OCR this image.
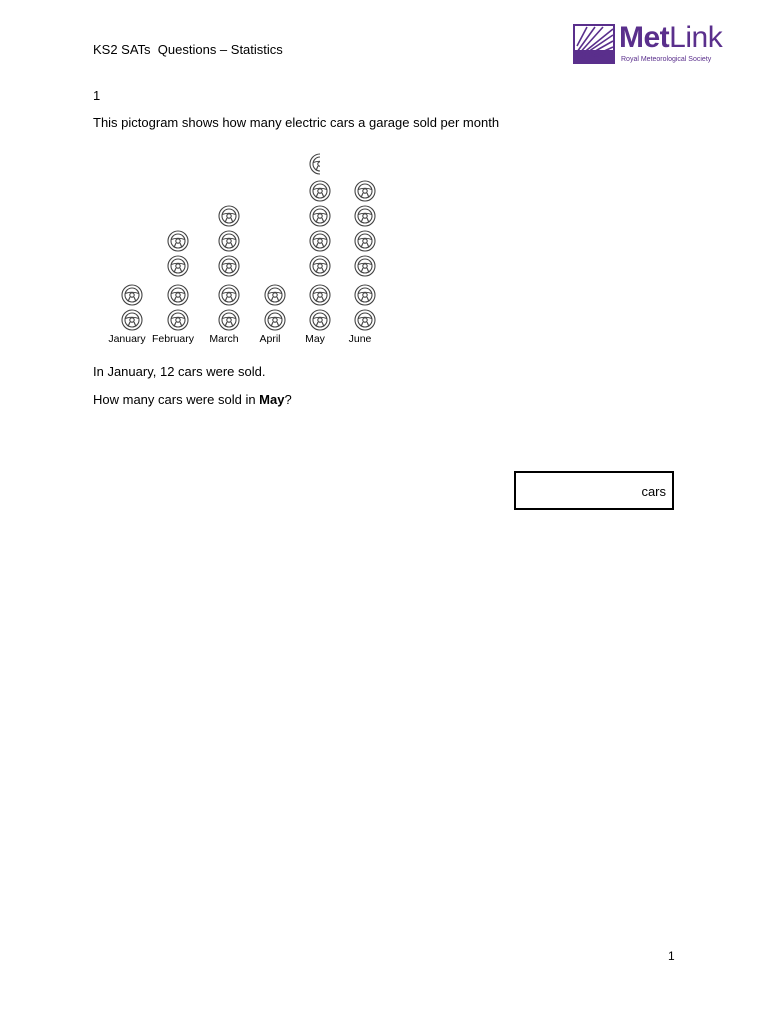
KS2 SATs  Questions – Statistics	MetLink
Royal Meteorological Society
1
This pictogram shows how many electric cars a garage sold per month
January February March April May June
In January, 12 cars were sold.
How many cars were sold in May?
cars
1
